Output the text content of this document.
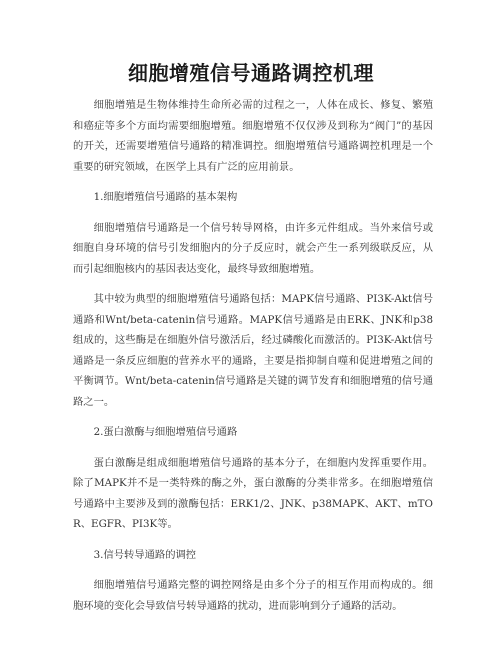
细胞增殖信号通路调控机理

细胞增殖是生物体维持生命所必需的过程之一，人体在成长、修复、繁殖和癌症等多个方面均需要细胞增殖。细胞增殖不仅仅涉及到称为“阀门”的基因的开关，还需要增殖信号通路的精准调控。细胞增殖信号通路调控机理是一个重要的研究领域，在医学上具有广泛的应用前景。

1.细胞增殖信号通路的基本架构

细胞增殖信号通路是一个信号转导网格，由许多元件组成。当外来信号或细胞自身环境的信号引发细胞内的分子反应时，就会产生一系列级联反应，从而引起细胞核内的基因表达变化，最终导致细胞增殖。

其中较为典型的细胞增殖信号通路包括：MAPK信号通路、PI3K-Akt信号通路和Wnt/beta-catenin信号通路。MAPK信号通路是由ERK、JNK和p38组成的，这些酶是在细胞外信号激活后，经过磷酸化而激活的。PI3K-Akt信号通路是一条反应细胞的营养水平的通路，主要是指抑制自噬和促进增殖之间的平衡调节。Wnt/beta-catenin信号通路是关键的调节发育和细胞增殖的信号通路之一。

2.蛋白激酶与细胞增殖信号通路

蛋白激酶是组成细胞增殖信号通路的基本分子，在细胞内发挥重要作用。除了MAPK并不是一类特殊的酶之外，蛋白激酶的分类非常多。在细胞增殖信号通路中主要涉及到的激酶包括：ERK1/2、JNK、p38MAPK、AKT、mTOR、EGFR、PI3K等。

3.信号转导通路的调控

细胞增殖信号通路完整的调控网络是由多个分子的相互作用而构成的。细胞环境的变化会导致信号转导通路的扰动，进而影响到分子通路的活动。
